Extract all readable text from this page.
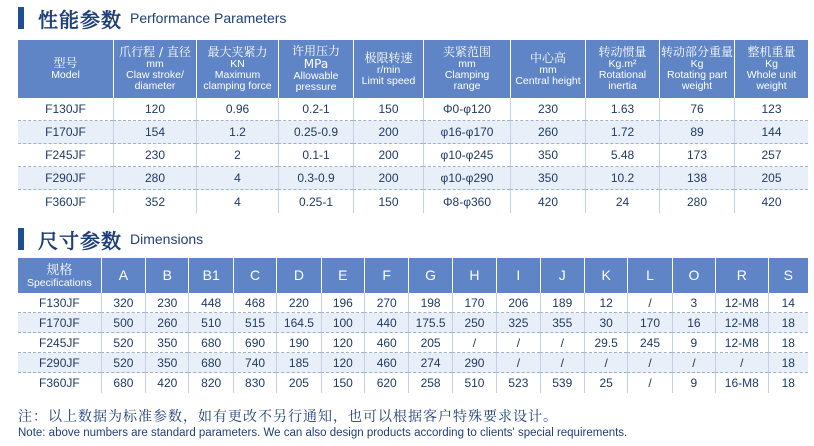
性能参数 Performance Parameters
型号
Model	爪行程 / 直径
mm
Claw stroke/
diameter	最大夹紧力
KN
Maximum
clamping force	许用压力 MPa
Allowable
pressure	极限转速
r/min
Limit speed	夹紧范围
mm
Clamping
range	中心高
mm
Central height	转动惯量
Kg.m²
Rotational
inertia	转动部分重量
Kg
Rotating part
weight	整机重量
Kg
Whole unit
weight

F130JF	120	0.96	0.2-1	150	Φ0-φ120	230	1.63	76	123
F170JF	154	1.2	0.25-0.9	200	φ16-φ170	260	1.72	89	144
F245JF	230	2	0.1-1	200	φ10-φ245	350	5.48	173	257
F290JF	280	4	0.3-0.9	200	φ10-φ290	350	10.2	138	205
F360JF	352	4	0.25-1	150	Φ8-φ360	420	24	280	420
尺寸参数 Dimensions
规格
Specifications	A	B	B1	C	D	E	F	G	H	I	J	K	L	O	R	S
F130JF	320	230	448	468	220	196	270	198	170	206	189	12	/	3	12-M8	14
F170JF	500	260	510	515	164.5	100	440	175.5	250	325	355	30	170	16	12-M8	18
F245JF	520	350	680	690	190	120	460	205	/	/	/	29.5	245	9	12-M8	18
F290JF	520	350	680	740	185	120	460	274	290	/	/	/	/	/	/	18
F360JF	680	420	820	830	205	150	620	258	510	523	539	25	/	9	16-M8	18
注：以上数据为标准参数，如有更改不另行通知，也可以根据客户特殊要求设计。
Note: above numbers are standard parameters. We can also design products according to clients' special requirements.
